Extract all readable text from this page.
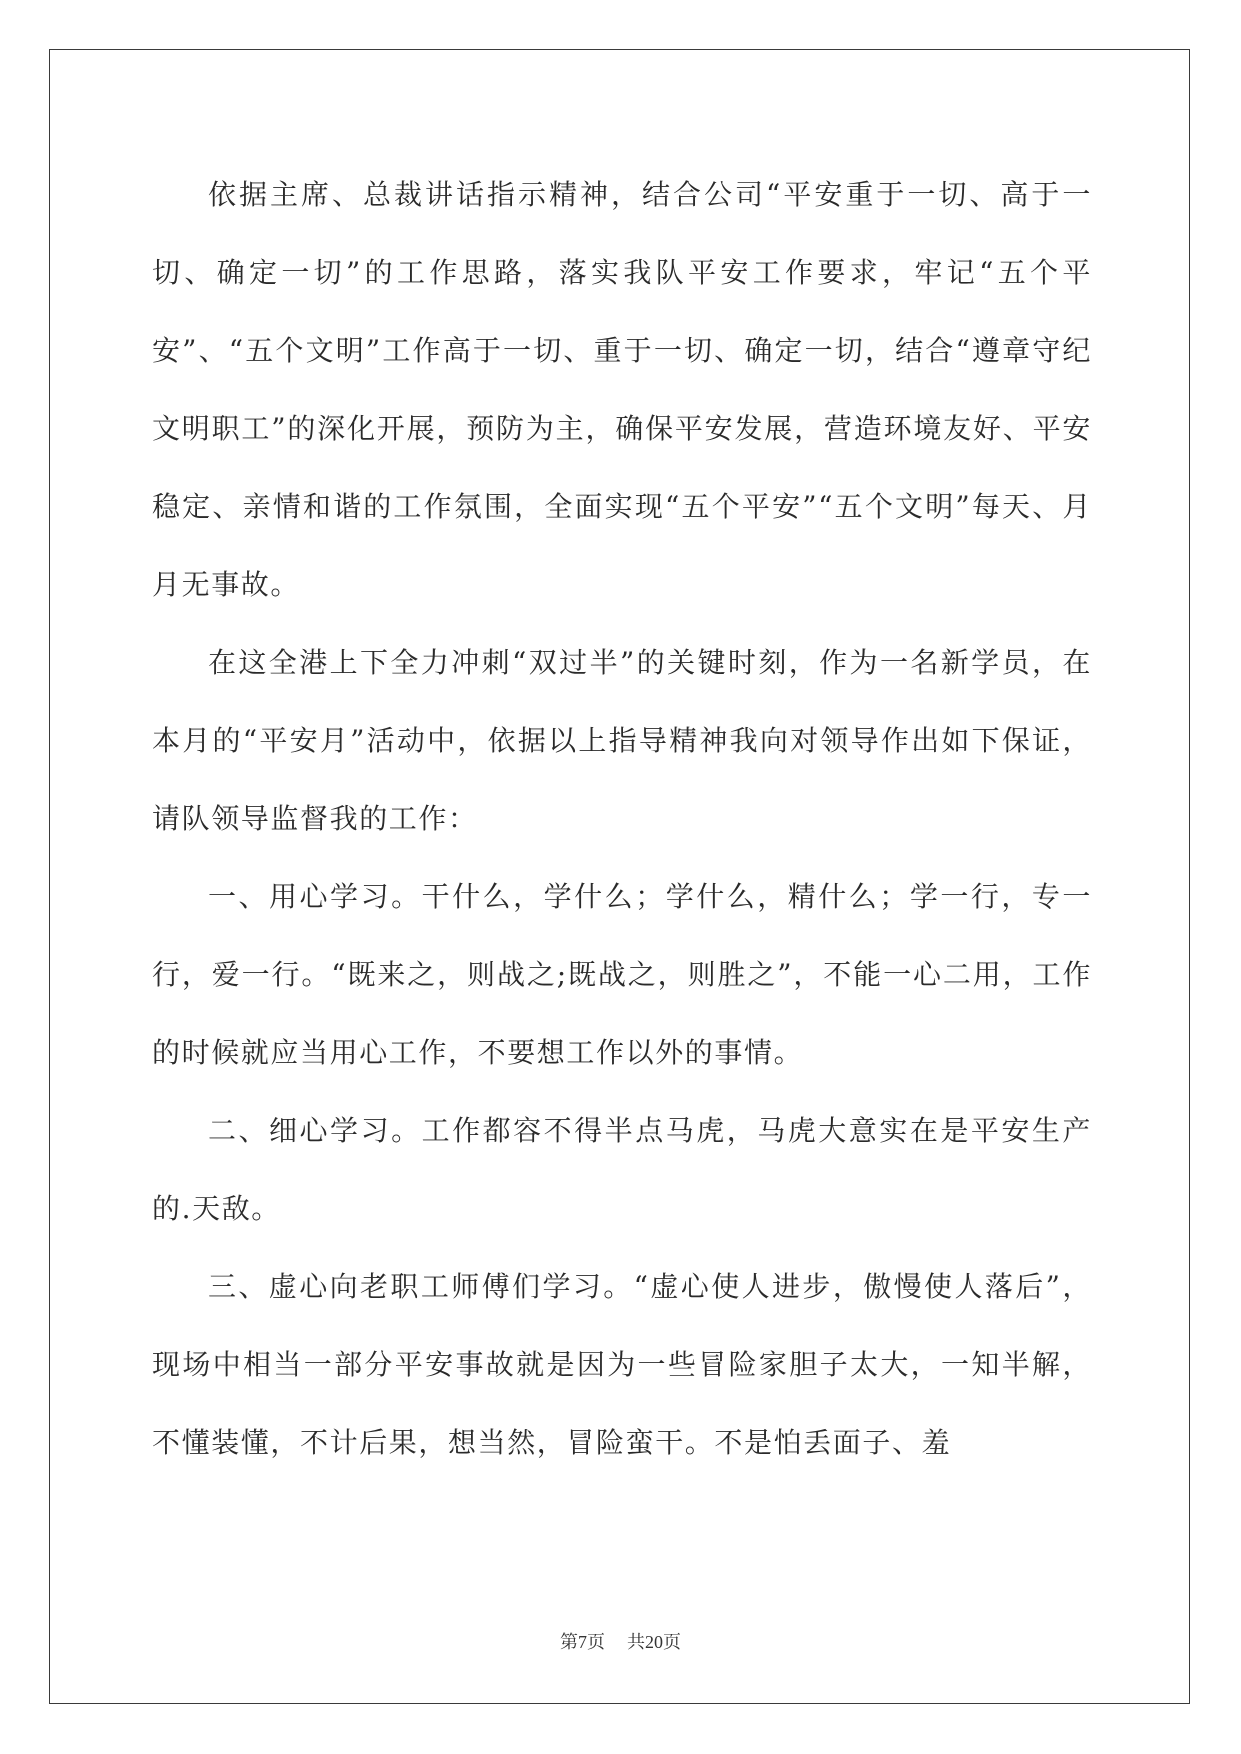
依据主席、总裁讲话指示精神，结合公司“平安重于一切、高于一切、确定一切”的工作思路，落实我队平安工作要求，牢记“五个平安”、“五个文明”工作高于一切、重于一切、确定一切，结合“遵章守纪文明职工”的深化开展，预防为主，确保平安发展，营造环境友好、平安稳定、亲情和谐的工作氛围，全面实现“五个平安”“五个文明”每天、月月无事故。

在这全港上下全力冲刺“双过半”的关键时刻，作为一名新学员，在本月的“平安月”活动中，依据以上指导精神我向对领导作出如下保证，请队领导监督我的工作：

一、用心学习。干什么，学什么；学什么，精什么；学一行，专一行，爱一行。“既来之，则战之;既战之，则胜之”，不能一心二用，工作的时候就应当用心工作，不要想工作以外的事情。

二、细心学习。工作都容不得半点马虎，马虎大意实在是平安生产的.天敌。

三、虚心向老职工师傅们学习。“虚心使人进步，傲慢使人落后”，现场中相当一部分平安事故就是因为一些冒险家胆子太大，一知半解，不懂装懂，不计后果，想当然，冒险蛮干。不是怕丢面子、羞

第7页 共20页
